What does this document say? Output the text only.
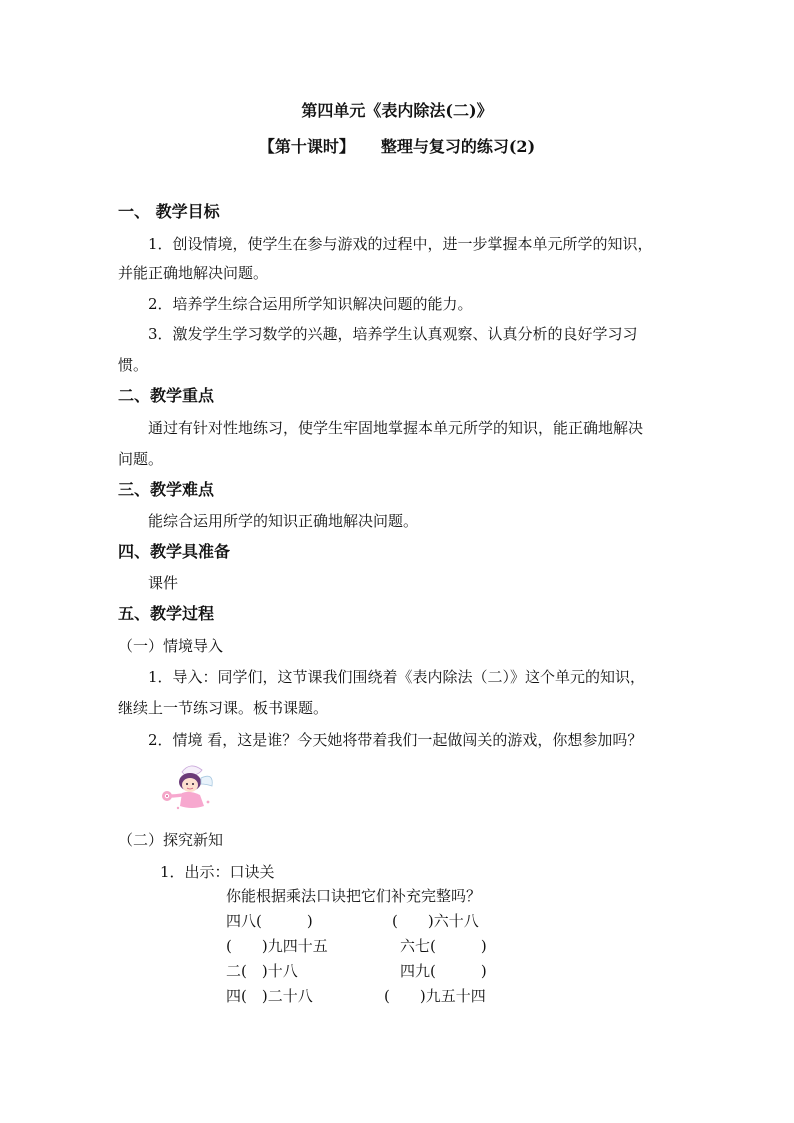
第四单元《表内除法(二)》
【第十课时】 整理与复习的练习(2)
一、 教学目标
1．创设情境，使学生在参与游戏的过程中，进一步掌握本单元所学的知识，
并能正确地解决问题。
2．培养学生综合运用所学知识解决问题的能力。
3．激发学生学习数学的兴趣，培养学生认真观察、认真分析的良好学习习
惯。
二、教学重点
通过有针对性地练习，使学生牢固地掌握本单元所学的知识，能正确地解决
问题。
三、教学难点
能综合运用所学的知识正确地解决问题。
四、教学具准备
课件
五、教学过程
（一）情境导入
1．导入：同学们，这节课我们围绕着《表内除法（二）》这个单元的知识，
继续上一节练习课。板书课题。
2．情境 看，这是谁？今天她将带着我们一起做闯关的游戏，你想参加吗？
（二）探究新知
1．出示：口诀关
你能根据乘法口诀把它们补充完整吗？
四八(　　　)	(　　)六十八
(　　)九四十五	六七(　　　)
二(　)十八	四九(　　　)
四(　)二十八	(　　)九五十四
